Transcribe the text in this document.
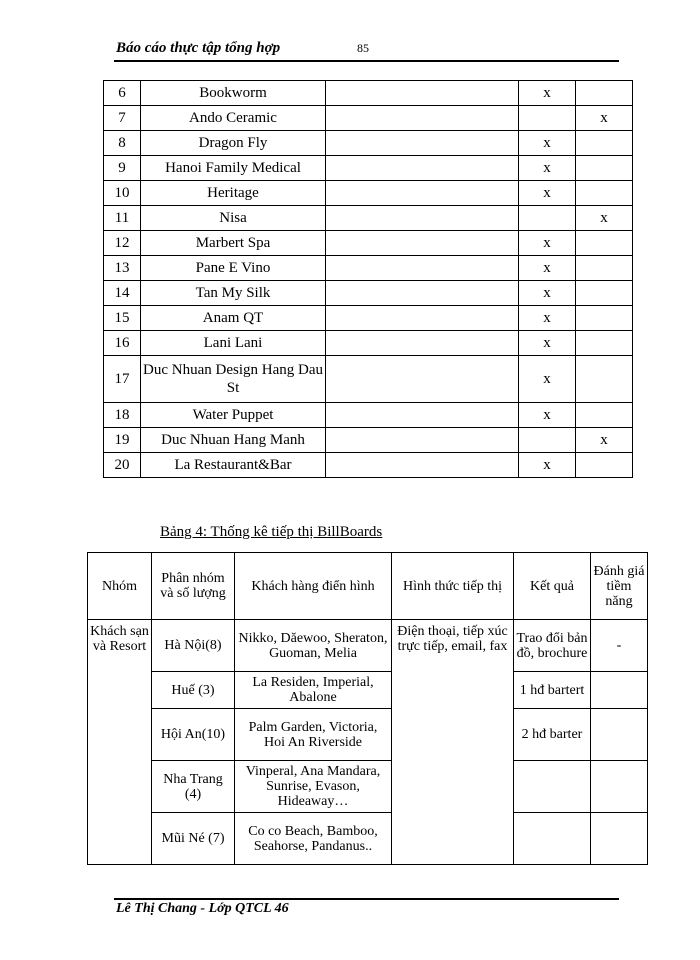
Báo cáo thực tập tổng hợp	85
6	Bookworm		x	
7	Ando Ceramic			x
8	Dragon Fly		x	
9	Hanoi Family Medical		x	
10	Heritage		x	
11	Nisa			x
12	Marbert Spa		x	
13	Pane E Vino		x	
14	Tan My Silk		x	
15	Anam QT		x	
16	Lani Lani		x	
17	Duc Nhuan Design Hang Dau St		x	
18	Water Puppet		x	
19	Duc Nhuan Hang Manh			x
20	La Restaurant&Bar		x	
Bảng 4: Thống kê tiếp thị BillBoards
Nhóm	Phân nhóm và số lượng	Khách hàng điển hình	Hình thức tiếp thị	Kết quả	Đánh giá tiềm năng
Khách sạn và Resort	Hà Nội(8)	Nikko, Dăewoo, Sheraton, Guoman, Melia	Điện thoại, tiếp xúc trực tiếp, email, fax	Trao đổi bản đồ, brochure	-
	Huế (3)	La Residen, Imperial, Abalone		1 hđ bartert	
	Hội An(10)	Palm Garden, Victoria, Hoi An Riverside		2 hđ barter	
	Nha Trang (4)	Vinperal, Ana Mandara, Sunrise, Evason, Hideaway…			
	Mũi Né (7)	Co co Beach, Bamboo, Seahorse, Pandanus..			
Lê Thị Chang - Lớp QTCL 46
